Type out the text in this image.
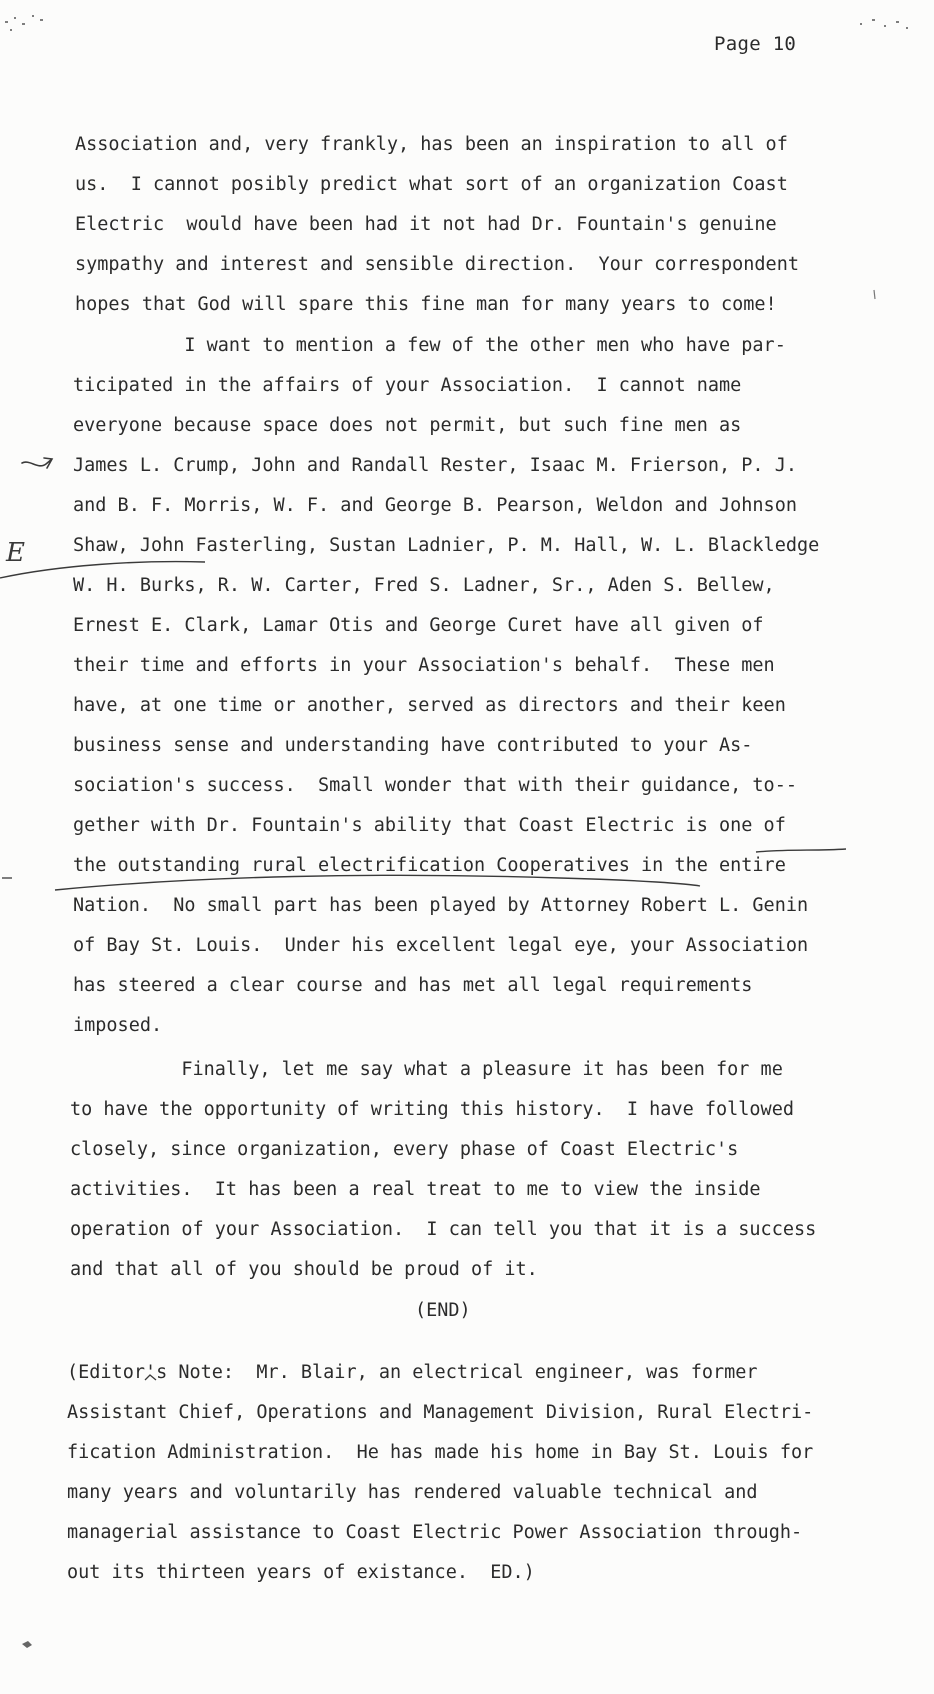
Page 10
Association and, very frankly, has been an inspiration to all of
us.  I cannot posibly predict what sort of an organization Coast
Electric  would have been had it not had Dr. Fountain's genuine
sympathy and interest and sensible direction.  Your correspondent
hopes that God will spare this fine man for many years to come!
I want to mention a few of the other men who have par-
ticipated in the affairs of your Association.  I cannot name
everyone because space does not permit, but such fine men as
James L. Crump, John and Randall Rester, Isaac M. Frierson, P. J.
and B. F. Morris, W. F. and George B. Pearson, Weldon and Johnson
Shaw, John Fasterling, Sustan Ladnier, P. M. Hall, W. L. Blackledge
W. H. Burks, R. W. Carter, Fred S. Ladner, Sr., Aden S. Bellew,
Ernest E. Clark, Lamar Otis and George Curet have all given of
their time and efforts in your Association's behalf.  These men
have, at one time or another, served as directors and their keen
business sense and understanding have contributed to your As-
sociation's success.  Small wonder that with their guidance, to--
gether with Dr. Fountain's ability that Coast Electric is one of
the outstanding rural electrification Cooperatives in the entire
Nation.  No small part has been played by Attorney Robert L. Genin
of Bay St. Louis.  Under his excellent legal eye, your Association
has steered a clear course and has met all legal requirements
imposed.
Finally, let me say what a pleasure it has been for me
to have the opportunity of writing this history.  I have followed
closely, since organization, every phase of Coast Electric's
activities.  It has been a real treat to me to view the inside
operation of your Association.  I can tell you that it is a success
and that all of you should be proud of it.
(END)
(Editor's Note:  Mr. Blair, an electrical engineer, was former
Assistant Chief, Operations and Management Division, Rural Electri-
fication Administration.  He has made his home in Bay St. Louis for
many years and voluntarily has rendered valuable technical and
managerial assistance to Coast Electric Power Association through-
out its thirteen years of existance.  ED.)
E
